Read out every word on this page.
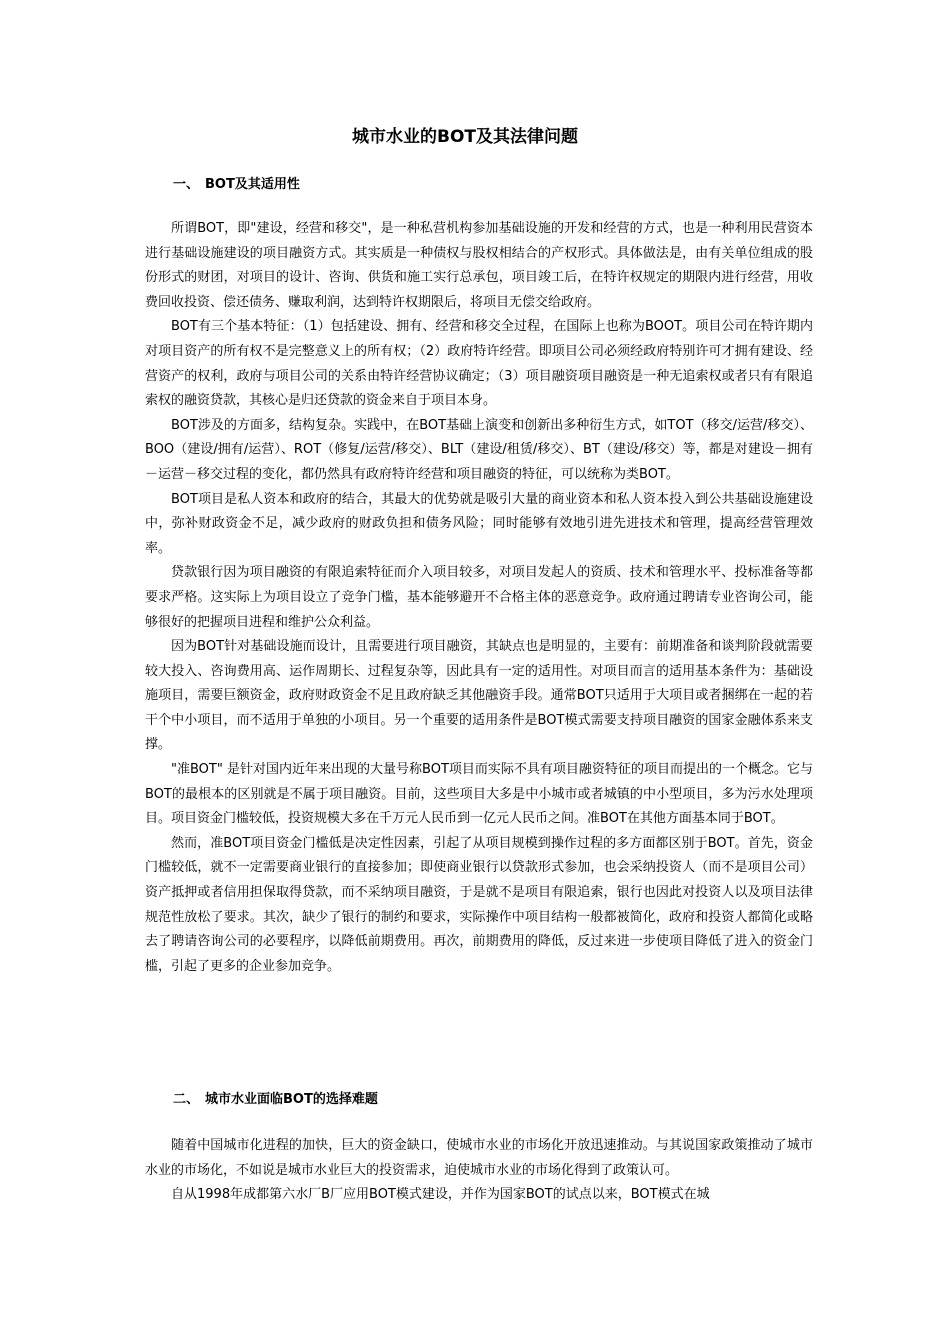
城市水业的BOT及其法律问题
一、 BOT及其适用性

所谓BOT，即"建设，经营和移交"，是一种私营机构参加基础设施的开发和经营的方式，也是一种利用民营资本进行基础设施建设的项目融资方式。其实质是一种债权与股权相结合的产权形式。具体做法是，由有关单位组成的股份形式的财团，对项目的设计、咨询、供货和施工实行总承包，项目竣工后，在特许权规定的期限内进行经营，用收费回收投资、偿还债务、赚取利润，达到特许权期限后，将项目无偿交给政府。

BOT有三个基本特征：（1）包括建设、拥有、经营和移交全过程，在国际上也称为BOOT。项目公司在特许期内对项目资产的所有权不是完整意义上的所有权；（2）政府特许经营。即项目公司必须经政府特别许可才拥有建设、经营资产的权利，政府与项目公司的关系由特许经营协议确定；（3）项目融资项目融资是一种无追索权或者只有有限追索权的融资贷款，其核心是归还贷款的资金来自于项目本身。

BOT涉及的方面多，结构复杂。实践中，在BOT基础上演变和创新出多种衍生方式，如TOT（移交/运营/移交）、BOO（建设/拥有/运营）、ROT（修复/运营/移交）、BLT（建设/租赁/移交）、BT（建设/移交）等，都是对建设－拥有－运营－移交过程的变化，都仍然具有政府特许经营和项目融资的特征，可以统称为类BOT。

BOT项目是私人资本和政府的结合，其最大的优势就是吸引大量的商业资本和私人资本投入到公共基础设施建设中，弥补财政资金不足，减少政府的财政负担和债务风险；同时能够有效地引进先进技术和管理，提高经营管理效率。

贷款银行因为项目融资的有限追索特征而介入项目较多，对项目发起人的资质、技术和管理水平、投标准备等都要求严格。这实际上为项目设立了竞争门槛，基本能够避开不合格主体的恶意竞争。政府通过聘请专业咨询公司，能够很好的把握项目进程和维护公众利益。

因为BOT针对基础设施而设计，且需要进行项目融资，其缺点也是明显的，主要有：前期准备和谈判阶段就需要较大投入、咨询费用高、运作周期长、过程复杂等，因此具有一定的适用性。对项目而言的适用基本条件为：基础设施项目，需要巨额资金，政府财政资金不足且政府缺乏其他融资手段。通常BOT只适用于大项目或者捆绑在一起的若干个中小项目，而不适用于单独的小项目。另一个重要的适用条件是BOT模式需要支持项目融资的国家金融体系来支撑。

"准BOT" 是针对国内近年来出现的大量号称BOT项目而实际不具有项目融资特征的项目而提出的一个概念。它与BOT的最根本的区别就是不属于项目融资。目前，这些项目大多是中小城市或者城镇的中小型项目，多为污水处理项目。项目资金门槛较低，投资规模大多在千万元人民币到一亿元人民币之间。准BOT在其他方面基本同于BOT。

然而，准BOT项目资金门槛低是决定性因素，引起了从项目规模到操作过程的多方面都区别于BOT。首先，资金门槛较低，就不一定需要商业银行的直接参加；即使商业银行以贷款形式参加，也会采纳投资人（而不是项目公司）资产抵押或者信用担保取得贷款，而不采纳项目融资，于是就不是项目有限追索，银行也因此对投资人以及项目法律规范性放松了要求。其次，缺少了银行的制约和要求，实际操作中项目结构一般都被简化，政府和投资人都简化或略去了聘请咨询公司的必要程序，以降低前期费用。再次，前期费用的降低，反过来进一步使项目降低了进入的资金门槛，引起了更多的企业参加竞争。

二、 城市水业面临BOT的选择难题

随着中国城市化进程的加快，巨大的资金缺口，使城市水业的市场化开放迅速推动。与其说国家政策推动了城市水业的市场化，不如说是城市水业巨大的投资需求，迫使城市水业的市场化得到了政策认可。

自从1998年成都第六水厂B厂应用BOT模式建设，并作为国家BOT的试点以来，BOT模式在城
